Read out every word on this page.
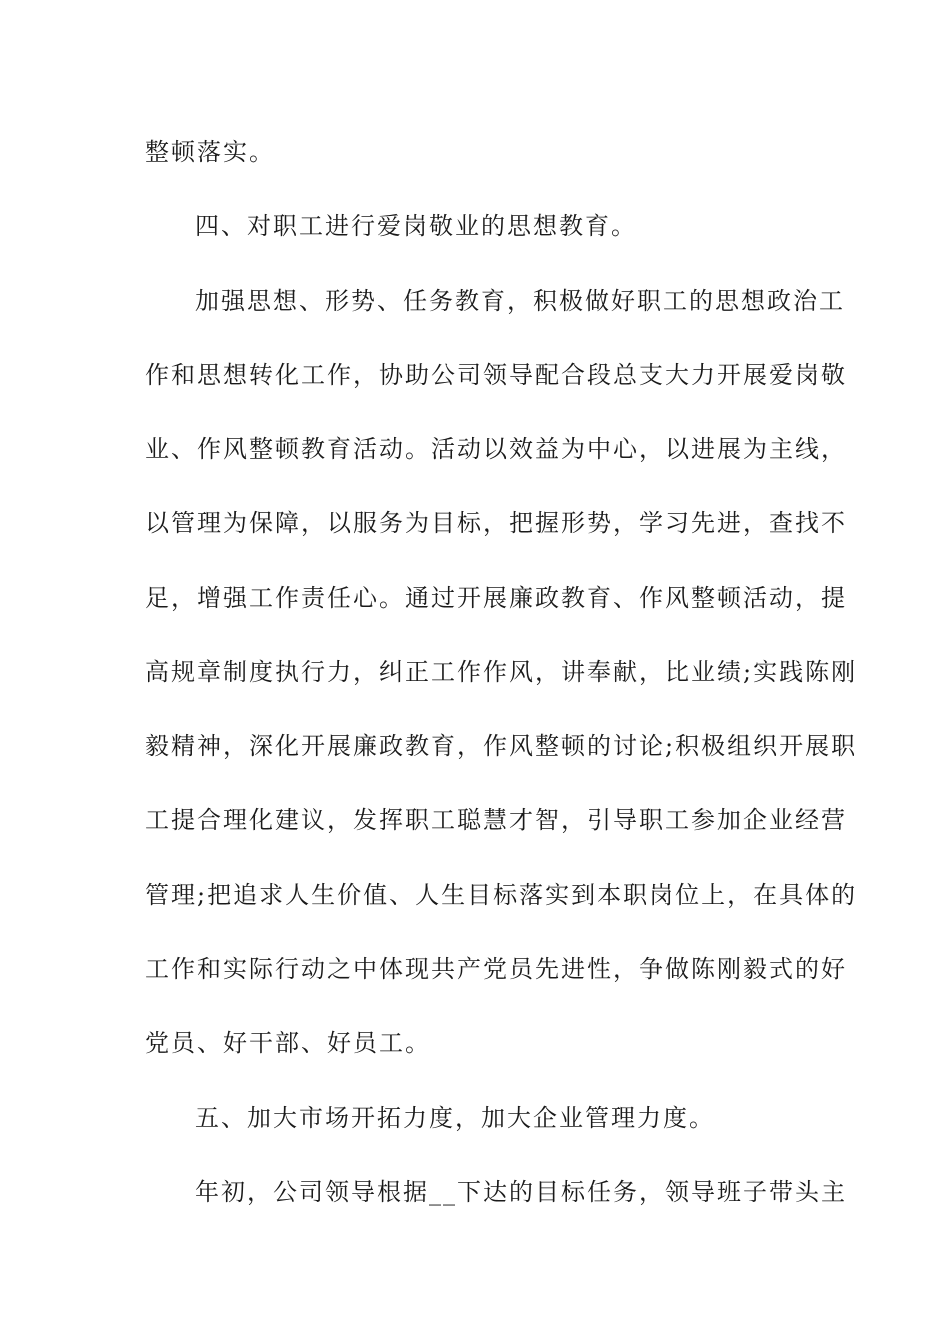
整顿落实。
四、对职工进行爱岗敬业的思想教育。
加强思想、形势、任务教育，积极做好职工的思想政治工
作和思想转化工作，协助公司领导配合段总支大力开展爱岗敬
业、作风整顿教育活动。活动以效益为中心，以进展为主线，
以管理为保障，以服务为目标，把握形势，学习先进，查找不
足，增强工作责任心。通过开展廉政教育、作风整顿活动，提
高规章制度执行力，纠正工作作风，讲奉献，比业绩;实践陈刚
毅精神，深化开展廉政教育，作风整顿的讨论;积极组织开展职
工提合理化建议，发挥职工聪慧才智，引导职工参加企业经营
管理;把追求人生价值、人生目标落实到本职岗位上，在具体的
工作和实际行动之中体现共产党员先进性，争做陈刚毅式的好
党员、好干部、好员工。
五、加大市场开拓力度，加大企业管理力度。
年初，公司领导根据__下达的目标任务，领导班子带头主
